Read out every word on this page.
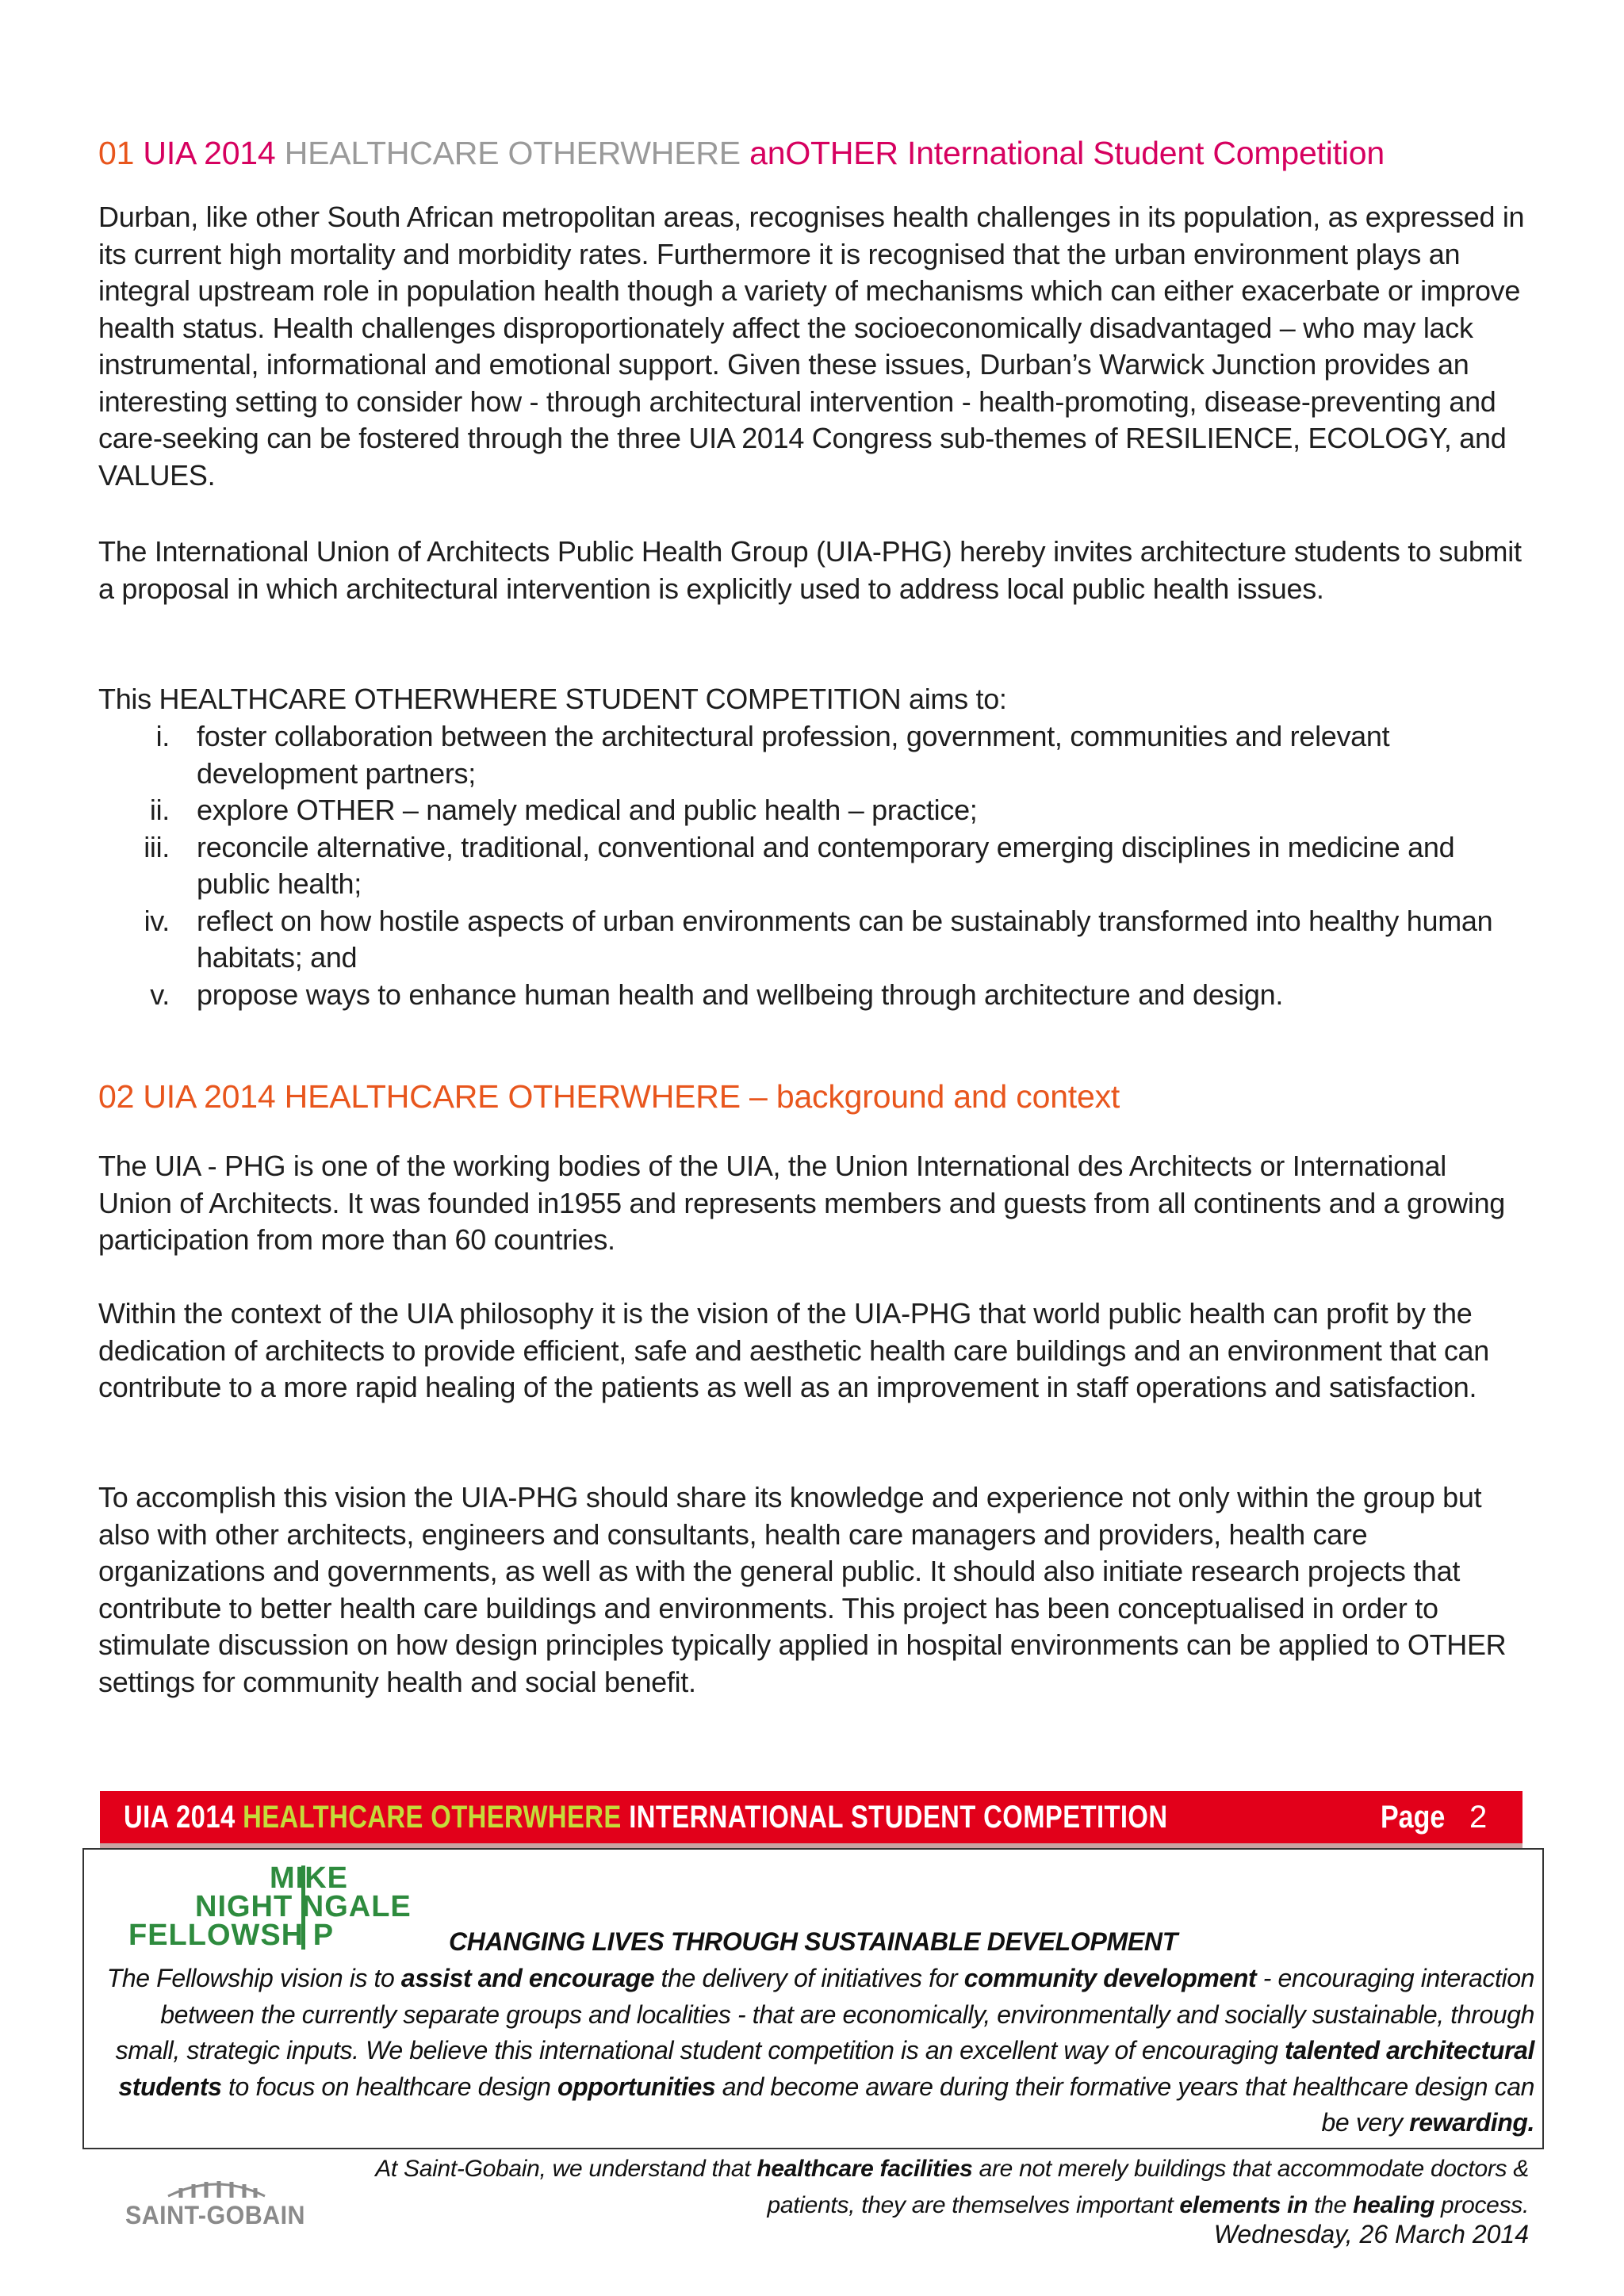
01 UIA 2014 HEALTHCARE OTHERWHERE anOTHER International Student Competition

Durban, like other South African metropolitan areas, recognises health challenges in its population, as expressed in its current high mortality and morbidity rates. Furthermore it is recognised that the urban environment plays an integral upstream role in population health though a variety of mechanisms which can either exacerbate or improve health status. Health challenges disproportionately affect the socioeconomically disadvantaged – who may lack instrumental, informational and emotional support. Given these issues, Durban’s Warwick Junction provides an interesting setting to consider how - through architectural intervention - health-promoting, disease-preventing and care-seeking can be fostered through the three UIA 2014 Congress sub-themes of RESILIENCE, ECOLOGY, and VALUES.

The International Union of Architects Public Health Group (UIA-PHG) hereby invites architecture students to submit a proposal in which architectural intervention is explicitly used to address local public health issues.

This HEALTHCARE OTHERWHERE STUDENT COMPETITION aims to:

i. foster collaboration between the architectural profession, government, communities and relevant development partners;
ii. explore OTHER – namely medical and public health – practice;
iii. reconcile alternative, traditional, conventional and contemporary emerging disciplines in medicine and public health;
iv. reflect on how hostile aspects of urban environments can be sustainably transformed into healthy human habitats; and
v. propose ways to enhance human health and wellbeing through architecture and design.
02 UIA 2014 HEALTHCARE OTHERWHERE – background and context

The UIA - PHG is one of the working bodies of the UIA, the Union International des Architects or International Union of Architects. It was founded in1955 and represents members and guests from all continents and a growing participation from more than 60 countries.

Within the context of the UIA philosophy it is the vision of the UIA-PHG that world public health can profit by the dedication of architects to provide efficient, safe and aesthetic health care buildings and an environment that can contribute to a more rapid healing of the patients as well as an improvement in staff operations and satisfaction.

To accomplish this vision the UIA-PHG should share its knowledge and experience not only within the group but also with other architects, engineers and consultants, health care managers and providers, health care organizations and governments, as well as with the general public. It should also initiate research projects that contribute to better health care buildings and environments. This project has been conceptualised in order to stimulate discussion on how design principles typically applied in hospital environments can be applied to OTHER settings for community health and social benefit.

UIA 2014 HEALTHCARE OTHERWHERE INTERNATIONAL STUDENT COMPETITION	Page 2
MIKE
NIGHT NGALE
FELLOWSH P	CHANGING LIVES THROUGH SUSTAINABLE DEVELOPMENT

The Fellowship vision is to assist and encourage the delivery of initiatives for community development - encouraging interaction between the currently separate groups and localities - that are economically, environmentally and socially sustainable, through small, strategic inputs. We believe this international student competition is an excellent way of encouraging talented architectural students to focus on healthcare design opportunities and become aware during their formative years that healthcare design can be very rewarding.

SAINT-GOBAIN

At Saint-Gobain, we understand that healthcare facilities are not merely buildings that accommodate doctors & patients, they are themselves important elements in the healing process.

Wednesday, 26 March 2014
